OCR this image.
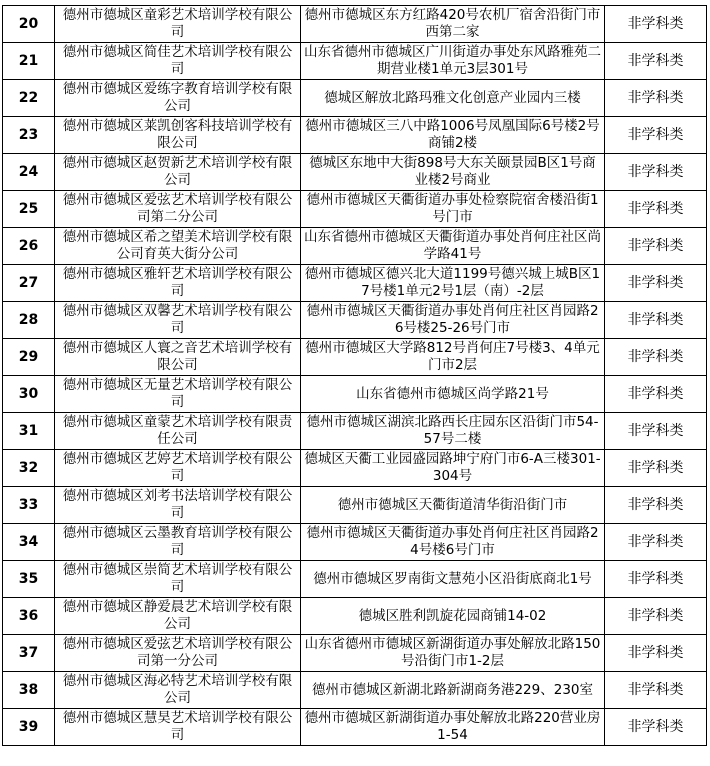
20	德州市德城区童彩艺术培训学校有限公司	德州市德城区东方红路420号农机厂宿舍沿街门市西第二家	非学科类
21	德州市德城区简佳艺术培训学校有限公司	山东省德州市德城区广川街道办事处东风路雅苑二期营业楼1单元3层301号	非学科类
22	德州市德城区爱练字教育培训学校有限公司	德城区解放北路玛雅文化创意产业园内三楼	非学科类
23	德州市德城区莱凯创客科技培训学校有限公司	德州市德城区三八中路1006号凤凰国际6号楼2号商铺2楼	非学科类
24	德州市德城区赵贺新艺术培训学校有限公司	德城区东地中大街898号大东关颐景园B区1号商业楼2号商业	非学科类
25	德州市德城区爱弦艺术培训学校有限公司第二分公司	德州市德城区天衢街道办事处检察院宿舍楼沿街1号门市	非学科类
26	德州市德城区希之望美术培训学校有限公司育英大街分公司	山东省德州市德城区天衢街道办事处肖何庄社区尚学路41号	非学科类
27	德州市德城区雅轩艺术培训学校有限公司	德州市德城区德兴北大道1199号德兴城上城B区17号楼1单元2号1层（南）-2层	非学科类
28	德州市德城区双馨艺术培训学校有限公司	德州市德城区天衢街道办事处肖何庄社区肖园路26号楼25-26号门市	非学科类
29	德州市德城区人寰之音艺术培训学校有限公司	德州市德城区大学路812号肖何庄7号楼3、4单元门市2层	非学科类
30	德州市德城区无量艺术培训学校有限公司	山东省德州市德城区尚学路21号	非学科类
31	德州市德城区童蒙艺术培训学校有限责任公司	德州市德城区湖滨北路西长庄园东区沿街门市54-57号二楼	非学科类
32	德州市德城区艺婷艺术培训学校有限公司	德城区天衢工业园盛园路坤宁府门市6-A三楼301-304号	非学科类
33	德州市德城区刘考书法培训学校有限公司	德州市德城区天衢街道清华街沿街门市	非学科类
34	德州市德城区云墨教育培训学校有限公司	德州市德城区天衢街道办事处肖何庄社区肖园路24号楼6号门市	非学科类
35	德州市德城区崇简艺术培训学校有限公司	德州市德城区罗南街文慧苑小区沿街底商北1号	非学科类
36	德州市德城区静爱晨艺术培训学校有限公司	德城区胜利凯旋花园商铺14-02	非学科类
37	德州市德城区爱弦艺术培训学校有限公司第一分公司	山东省德州市德城区新湖街道办事处解放北路150号沿街门市1-2层	非学科类
38	德州市德城区海必特艺术培训学校有限公司	德州市德城区新湖北路新湖商务港229、230室	非学科类
39	德州市德城区慧昊艺术培训学校有限公司	德州市德城区新湖街道办事处解放北路220营业房1-54	非学科类
